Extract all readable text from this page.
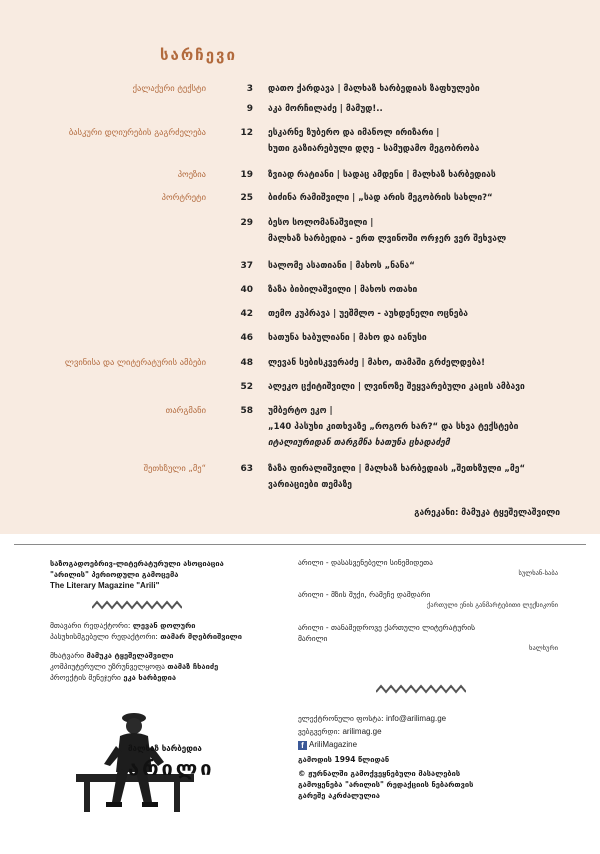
სარჩევი
ქალაქური ტექსტი	3 დათო ქარდავა | მალხაზ ხარბედიას ზაფხულები
9 აკა მორჩილაძე | მამუდ!..
ბასკური დღიურების გაგრძელება	12 ესკარნე ზუბერო და იმანოლ ირიზარი |
ხუთი გაზიარებული დღე - სამუდამო მეგობრობა
პოეზია	19 ზვიად რატიანი | სადაც ამდენი | მალხაზ ხარბედიას
პორტრეტი	25 ბიძინა რამიშვილი | „სად არის მეგობრის სახლი?“
29 ბესო სოლომანაშვილი |
მალხაზ ხარბედია - ერთ ლვინოში ორჯერ ვერ შეხვალ
37 სალომე ასათიანი | მახოს „ნანა“
40 ზაზა ბიბილაშვილი | მახოს ოთახი
42 თემო კუპრავა | უეშმლო - აუხდენელი ოცნება
46 ხათუნა ხაბულიანი | მახო და იანუსი
ლვინისა და ლიტერატურის ამბები	48 ლევან სებისკვერაძე | მახო, თამაში გრძელდება!
52 ალეკო ცქიტიშვილი | ლვინოზე შეყვარებული კაცის ამბავი
თარგმანი	58 უმბერტო ეკო |
„140 პასუხი კითხვაზე „როგორ ხარ?“ და სხვა ტექსტები
იტალიურიდან თარგმნა ხათუნა ცხადაძემ
შეთხზული „მე“	63 ზაზა ფირალიშვილი | მალხაზ ხარბედიას „შეთხზული „მე“
ვარიაციები თემაზე
გარეკანი: მამუკა ტყეშელაშვილი
საზოგადოებრივ-ლიტერატურული ასოციაცია
"არილის" პერიოდული გამოცემა
The Literary Magazine "Arili"
მთავარი რედაქტორი: ლევან დოლური
პასუხისმგებელი რედაქტორი: თამარ მღებრიშვილი
მხატვარი მამუკა ტყეშელაშვილი
კომპიუტერული უზრუნველყოფა თამაზ ჩხაიძე
პროექტის მენეჯერი ეკა ხარბედია
მალხაზ ხარბედია
არილი
არილი - დასასვენებელი სინემიდეთა
სულხან-საბა
არილი - მზის შუქი, რამეჩე დამდარი
ქართული ენის განმარტებითი ლექსიკონი
არილი - თანამედროვე ქართული ლიტერატურის მარილი
ხალხური
ელექტრონული ფოსტა: info@arilimag.ge
ვებგვერდი: arilimag.ge
f AriliMagazine
გამოდის 1994 წლიდან
© ჟურნალში გამოქვეყნებული მასალების
გამოყენება "არილის" რედაქციის ნებართვის
გარეშე აკრძალულია
